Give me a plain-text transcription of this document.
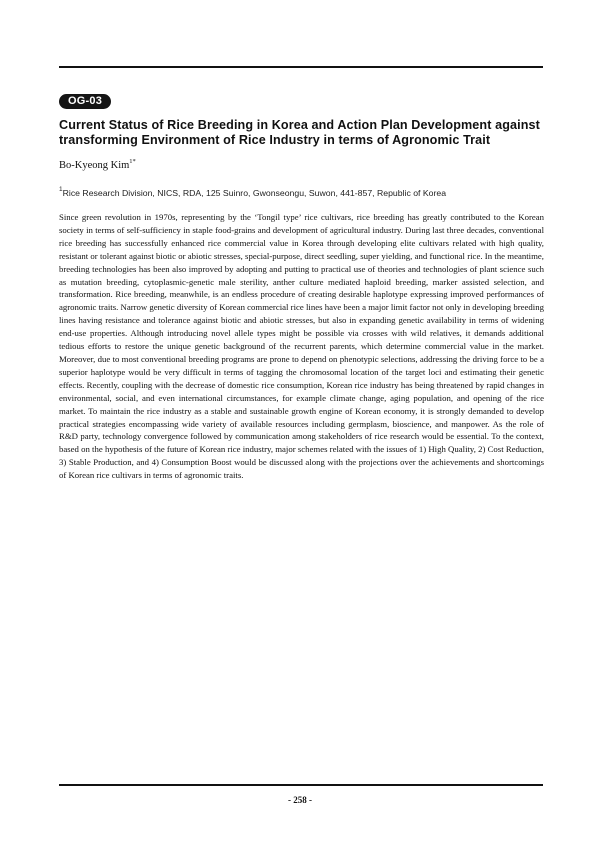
OG-03
Current Status of Rice Breeding in Korea and Action Plan Development against transforming Environment of Rice Industry in terms of Agronomic Trait
Bo-Kyeong Kim$^{1*}$
$^1$Rice Research Division, NICS, RDA, 125 Suinro, Gwonseongu, Suwon, 441-857, Republic of Korea

Since green revolution in 1970s, representing by the ‘Tongil type’ rice cultivars, rice breeding has greatly contributed to the Korean society in terms of self-sufficiency in staple food-grains and development of agricultural industry. During last three decades, conventional rice breeding has successfully enhanced rice commercial value in Korea through developing elite cultivars related with high quality, resistant or tolerant against biotic or abiotic stresses, special-purpose, direct seedling, super yielding, and functional rice. In the meantime, breeding technologies has been also improved by adopting and putting to practical use of theories and technologies of plant science such as mutation breeding, cytoplasmic-genetic male sterility, anther culture mediated haploid breeding, marker assisted selection, and transformation. Rice breeding, meanwhile, is an endless procedure of creating desirable haplotype expressing improved performances of agronomic traits. Narrow genetic diversity of Korean commercial rice lines have been a major limit factor not only in developing breeding lines having resistance and tolerance against biotic and abiotic stresses, but also in expanding genetic availability in terms of widening end-use properties. Although introducing novel allele types might be possible via crosses with wild relatives, it demands additional tedious efforts to restore the unique genetic background of the recurrent parents, which determine commercial value in the market. Moreover, due to most conventional breeding programs are prone to depend on phenotypic selections, addressing the driving force to be a superior haplotype would be very difficult in terms of tagging the chromosomal location of the target loci and estimating their genetic effects. Recently, coupling with the decrease of domestic rice consumption, Korean rice industry has being threatened by rapid changes in environmental, social, and even international circumstances, for example climate change, aging population, and opening of the rice market. To maintain the rice industry as a stable and sustainable growth engine of Korean economy, it is strongly demanded to develop practical strategies encompassing wide variety of available resources including germplasm, bioscience, and manpower. As the role of R&D party, technology convergence followed by communication among stakeholders of rice research would be essential. To the context, based on the hypothesis of the future of Korean rice industry, major schemes related with the issues of 1) High Quality, 2) Cost Reduction, 3) Stable Production, and 4) Consumption Boost would be discussed along with the projections over the achievements and shortcomings of Korean rice cultivars in terms of agronomic traits.

- 258 -
